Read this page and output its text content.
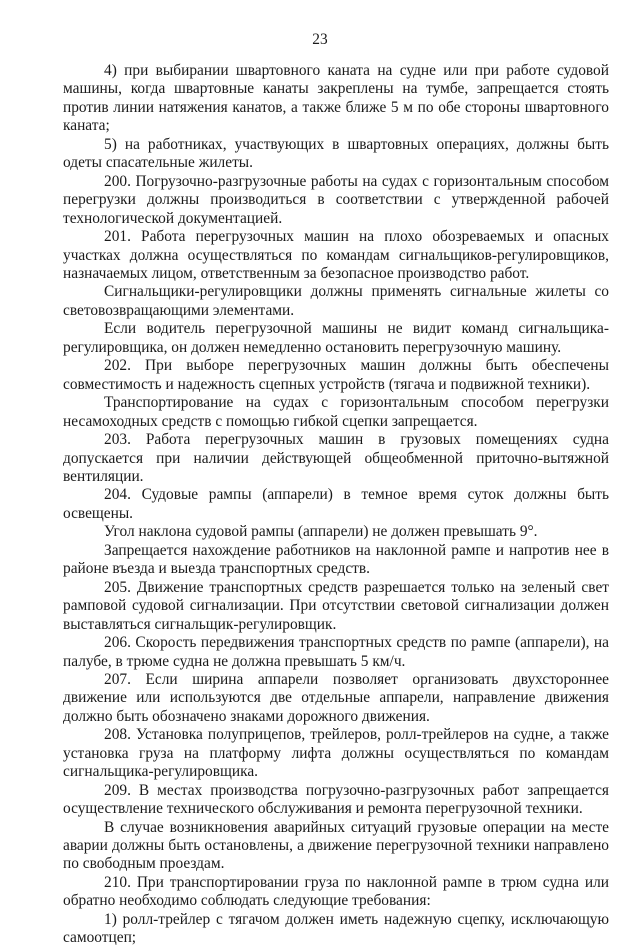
23

4) при выбирании швартовного каната на судне или при работе судовой машины, когда швартовные канаты закреплены на тумбе, запрещается стоять против линии натяжения канатов, а также ближе 5 м по обе стороны швартовного каната;

5) на работниках, участвующих в швартовных операциях, должны быть одеты спасательные жилеты.

200. Погрузочно-разгрузочные работы на судах с горизонтальным способом перегрузки должны производиться в соответствии с утвержденной рабочей технологической документацией.

201. Работа перегрузочных машин на плохо обозреваемых и опасных участках должна осуществляться по командам сигнальщиков-регулировщиков, назначаемых лицом, ответственным за безопасное производство работ.

Сигнальщики-регулировщики должны применять сигнальные жилеты со световозвращающими элементами.

Если водитель перегрузочной машины не видит команд сигнальщика-регулировщика, он должен немедленно остановить перегрузочную машину.

202. При выборе перегрузочных машин должны быть обеспечены совместимость и надежность сцепных устройств (тягача и подвижной техники).

Транспортирование на судах с горизонтальным способом перегрузки несамоходных средств с помощью гибкой сцепки запрещается.

203. Работа перегрузочных машин в грузовых помещениях судна допускается при наличии действующей общеобменной приточно-вытяжной вентиляции.

204. Судовые рампы (аппарели) в темное время суток должны быть освещены.

Угол наклона судовой рампы (аппарели) не должен превышать 9°.

Запрещается нахождение работников на наклонной рампе и напротив нее в районе въезда и выезда транспортных средств.

205. Движение транспортных средств разрешается только на зеленый свет рамповой судовой сигнализации. При отсутствии световой сигнализации должен выставляться сигнальщик-регулировщик.

206. Скорость передвижения транспортных средств по рампе (аппарели), на палубе, в трюме судна не должна превышать 5 км/ч.

207. Если ширина аппарели позволяет организовать двухстороннее движение или используются две отдельные аппарели, направление движения должно быть обозначено знаками дорожного движения.

208. Установка полуприцепов, трейлеров, ролл-трейлеров на судне, а также установка груза на платформу лифта должны осуществляться по командам сигнальщика-регулировщика.

209. В местах производства погрузочно-разгрузочных работ запрещается осуществление технического обслуживания и ремонта перегрузочной техники.

В случае возникновения аварийных ситуаций грузовые операции на месте аварии должны быть остановлены, а движение перегрузочной техники направлено по свободным проездам.

210. При транспортировании груза по наклонной рампе в трюм судна или обратно необходимо соблюдать следующие требования:

1) ролл-трейлер с тягачом должен иметь надежную сцепку, исключающую самоотцеп;
